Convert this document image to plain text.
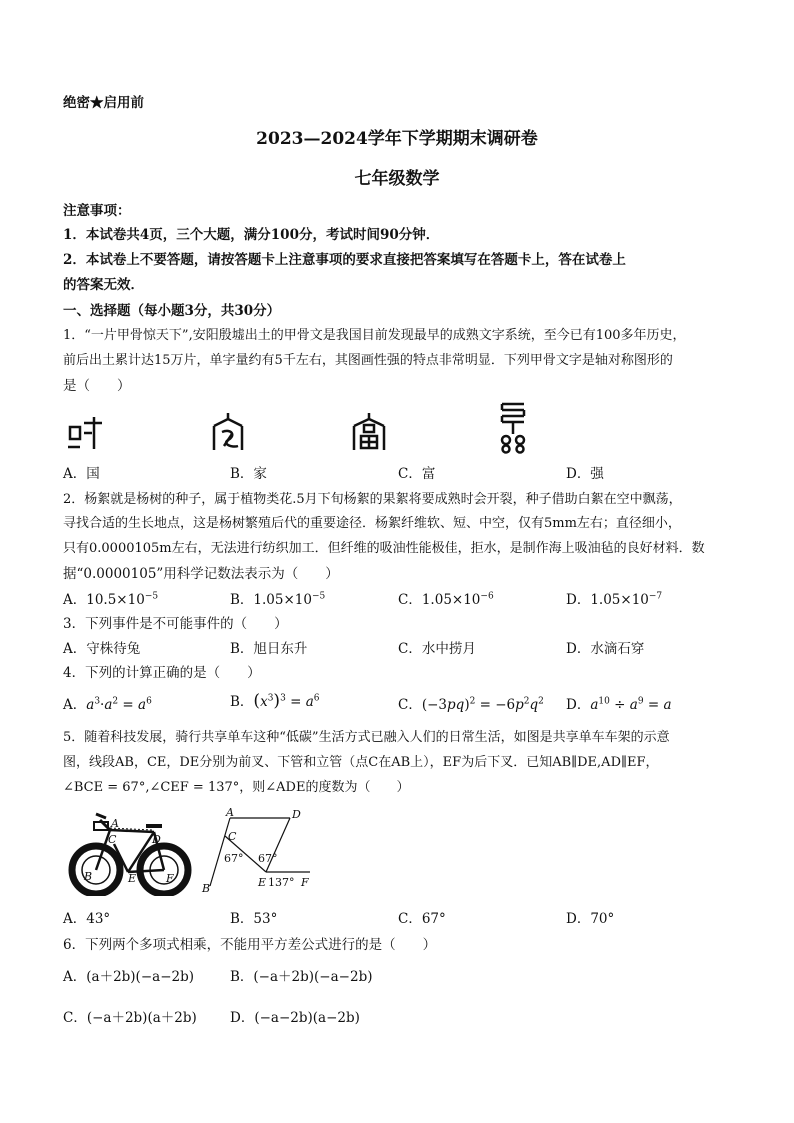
绝密★启用前
2023—2024学年下学期期末调研卷
七年级数学
注意事项：
1．本试卷共4页，三个大题，满分100分，考试时间90分钟．
2．本试卷上不要答题，请按答题卡上注意事项的要求直接把答案填写在答题卡上，答在试卷上
的答案无效．
一、选择题（每小题3分，共30分）
1．“一片甲骨惊天下”,安阳殷墟出土的甲骨文是我国目前发现最早的成熟文字系统，至今已有100多年历史，
前后出土累计达15万片，单字量约有5千左右，其图画性强的特点非常明显．下列甲骨文字是轴对称图形的
是（　　）
A．国	B．家	C．富	D．强
2．杨絮就是杨树的种子，属于植物类花.5月下旬杨絮的果絮将要成熟时会开裂，种子借助白絮在空中飘荡，
寻找合适的生长地点，这是杨树繁殖后代的重要途径．杨絮纤维软、短、中空，仅有5mm左右；直径细小，
只有0.0000105m左右，无法进行纺织加工．但纤维的吸油性能极佳，拒水，是制作海上吸油毡的良好材料．数
据“0.0000105”用科学记数法表示为（　　）
A．$10.5\times 10^{-5}$	B．$1.05\times 10^{-5}$	C．$1.05\times 10^{-6}$	D．$1.05\times 10^{-7}$
3．下列事件是不可能事件的（　　）
A．守株待兔	B．旭日东升	C．水中捞月	D．水滴石穿
4．下列的计算正确的是（　　）
A．$a^3\cdot a^2 = a^6$	B．$(x^3)^3 = a^6$	C．$(-3pq)^2 = -6p^2q^2$ D．$a^{10} \div a^9 = a$
5．随着科技发展，骑行共享单车这种“低碳”生活方式已融入人们的日常生活，如图是共享单车车架的示意
图，线段AB，CE，DE分别为前叉、下管和立管（点C在AB上），EF为后下叉．已知AB∥DE,AD∥EF，
∠BCE = 67°,∠CEF = 137°，则∠ADE的度数为（　　）
A
D
C
B	E	F
A	D
C
B	E	F
67° 67°
137°
A．43°	B．53°	C．67°	D．70°
6．下列两个多项式相乘，不能用平方差公式进行的是（　　）
A．(a＋2b)(−a−2b)	B．(−a＋2b)(−a−2b)
C．(−a＋2b)(a＋2b) D．(−a−2b)(a−2b)
